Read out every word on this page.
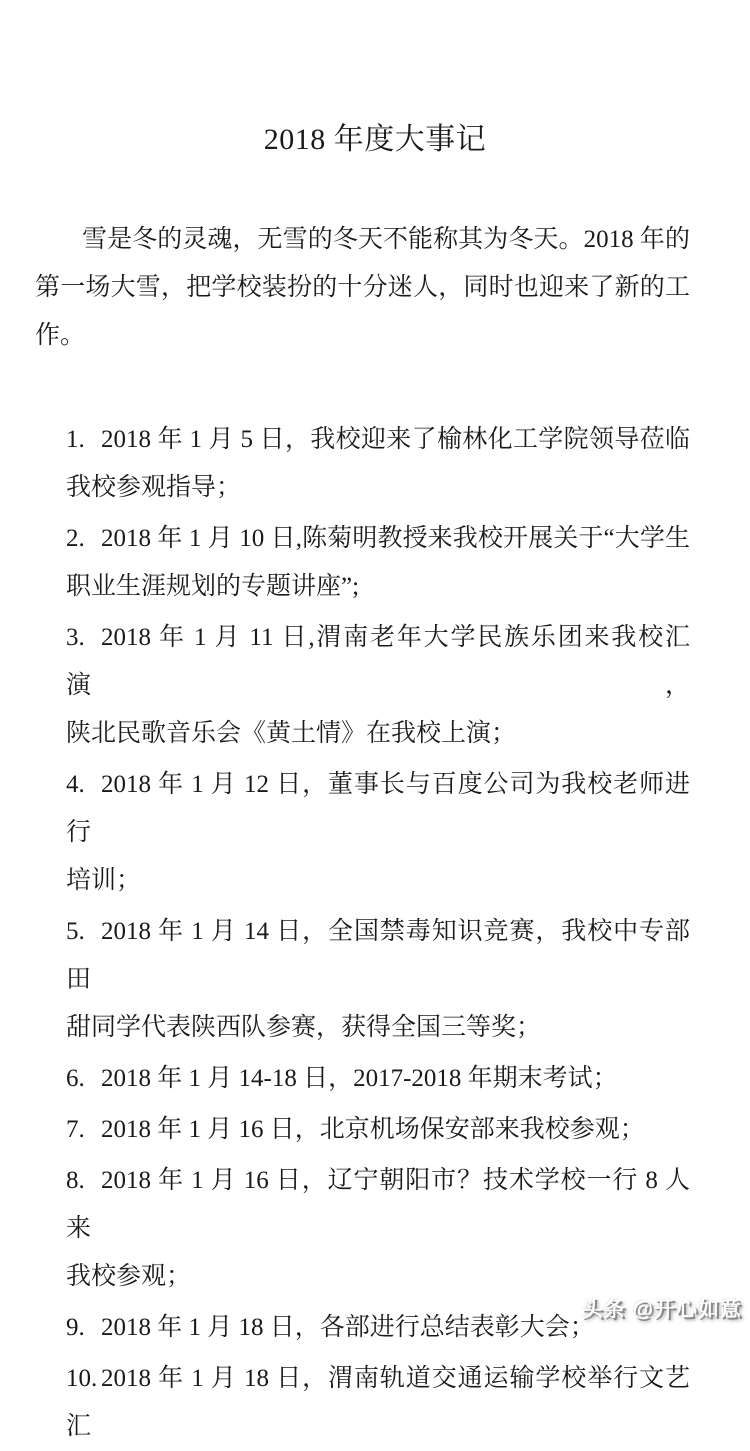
2018 年度大事记
雪是冬的灵魂，无雪的冬天不能称其为冬天。2018 年的
第一场大雪，把学校装扮的十分迷人，同时也迎来了新的工
作。
1. 2018 年 1 月 5 日，我校迎来了榆林化工学院领导莅临
我校参观指导；
2. 2018 年 1 月 10 日,陈菊明教授来我校开展关于“大学生
职业生涯规划的专题讲座”;
3. 2018 年 1 月 11 日,渭南老年大学民族乐团来我校汇演，
陕北民歌音乐会《黄土情》在我校上演；
4. 2018 年 1 月 12 日，董事长与百度公司为我校老师进行
培训；
5. 2018 年 1 月 14 日，全国禁毒知识竞赛，我校中专部田
甜同学代表陕西队参赛，获得全国三等奖；
6. 2018 年 1 月 14-18 日，2017-2018 年期末考试；
7. 2018 年 1 月 16 日，北京机场保安部来我校参观；
8. 2018 年 1 月 16 日，辽宁朝阳市？技术学校一行 8 人来
我校参观；
9. 2018 年 1 月 18 日，各部进行总结表彰大会；
10. 2018 年 1 月 18 日，渭南轨道交通运输学校举行文艺汇
头条 @开心如意
